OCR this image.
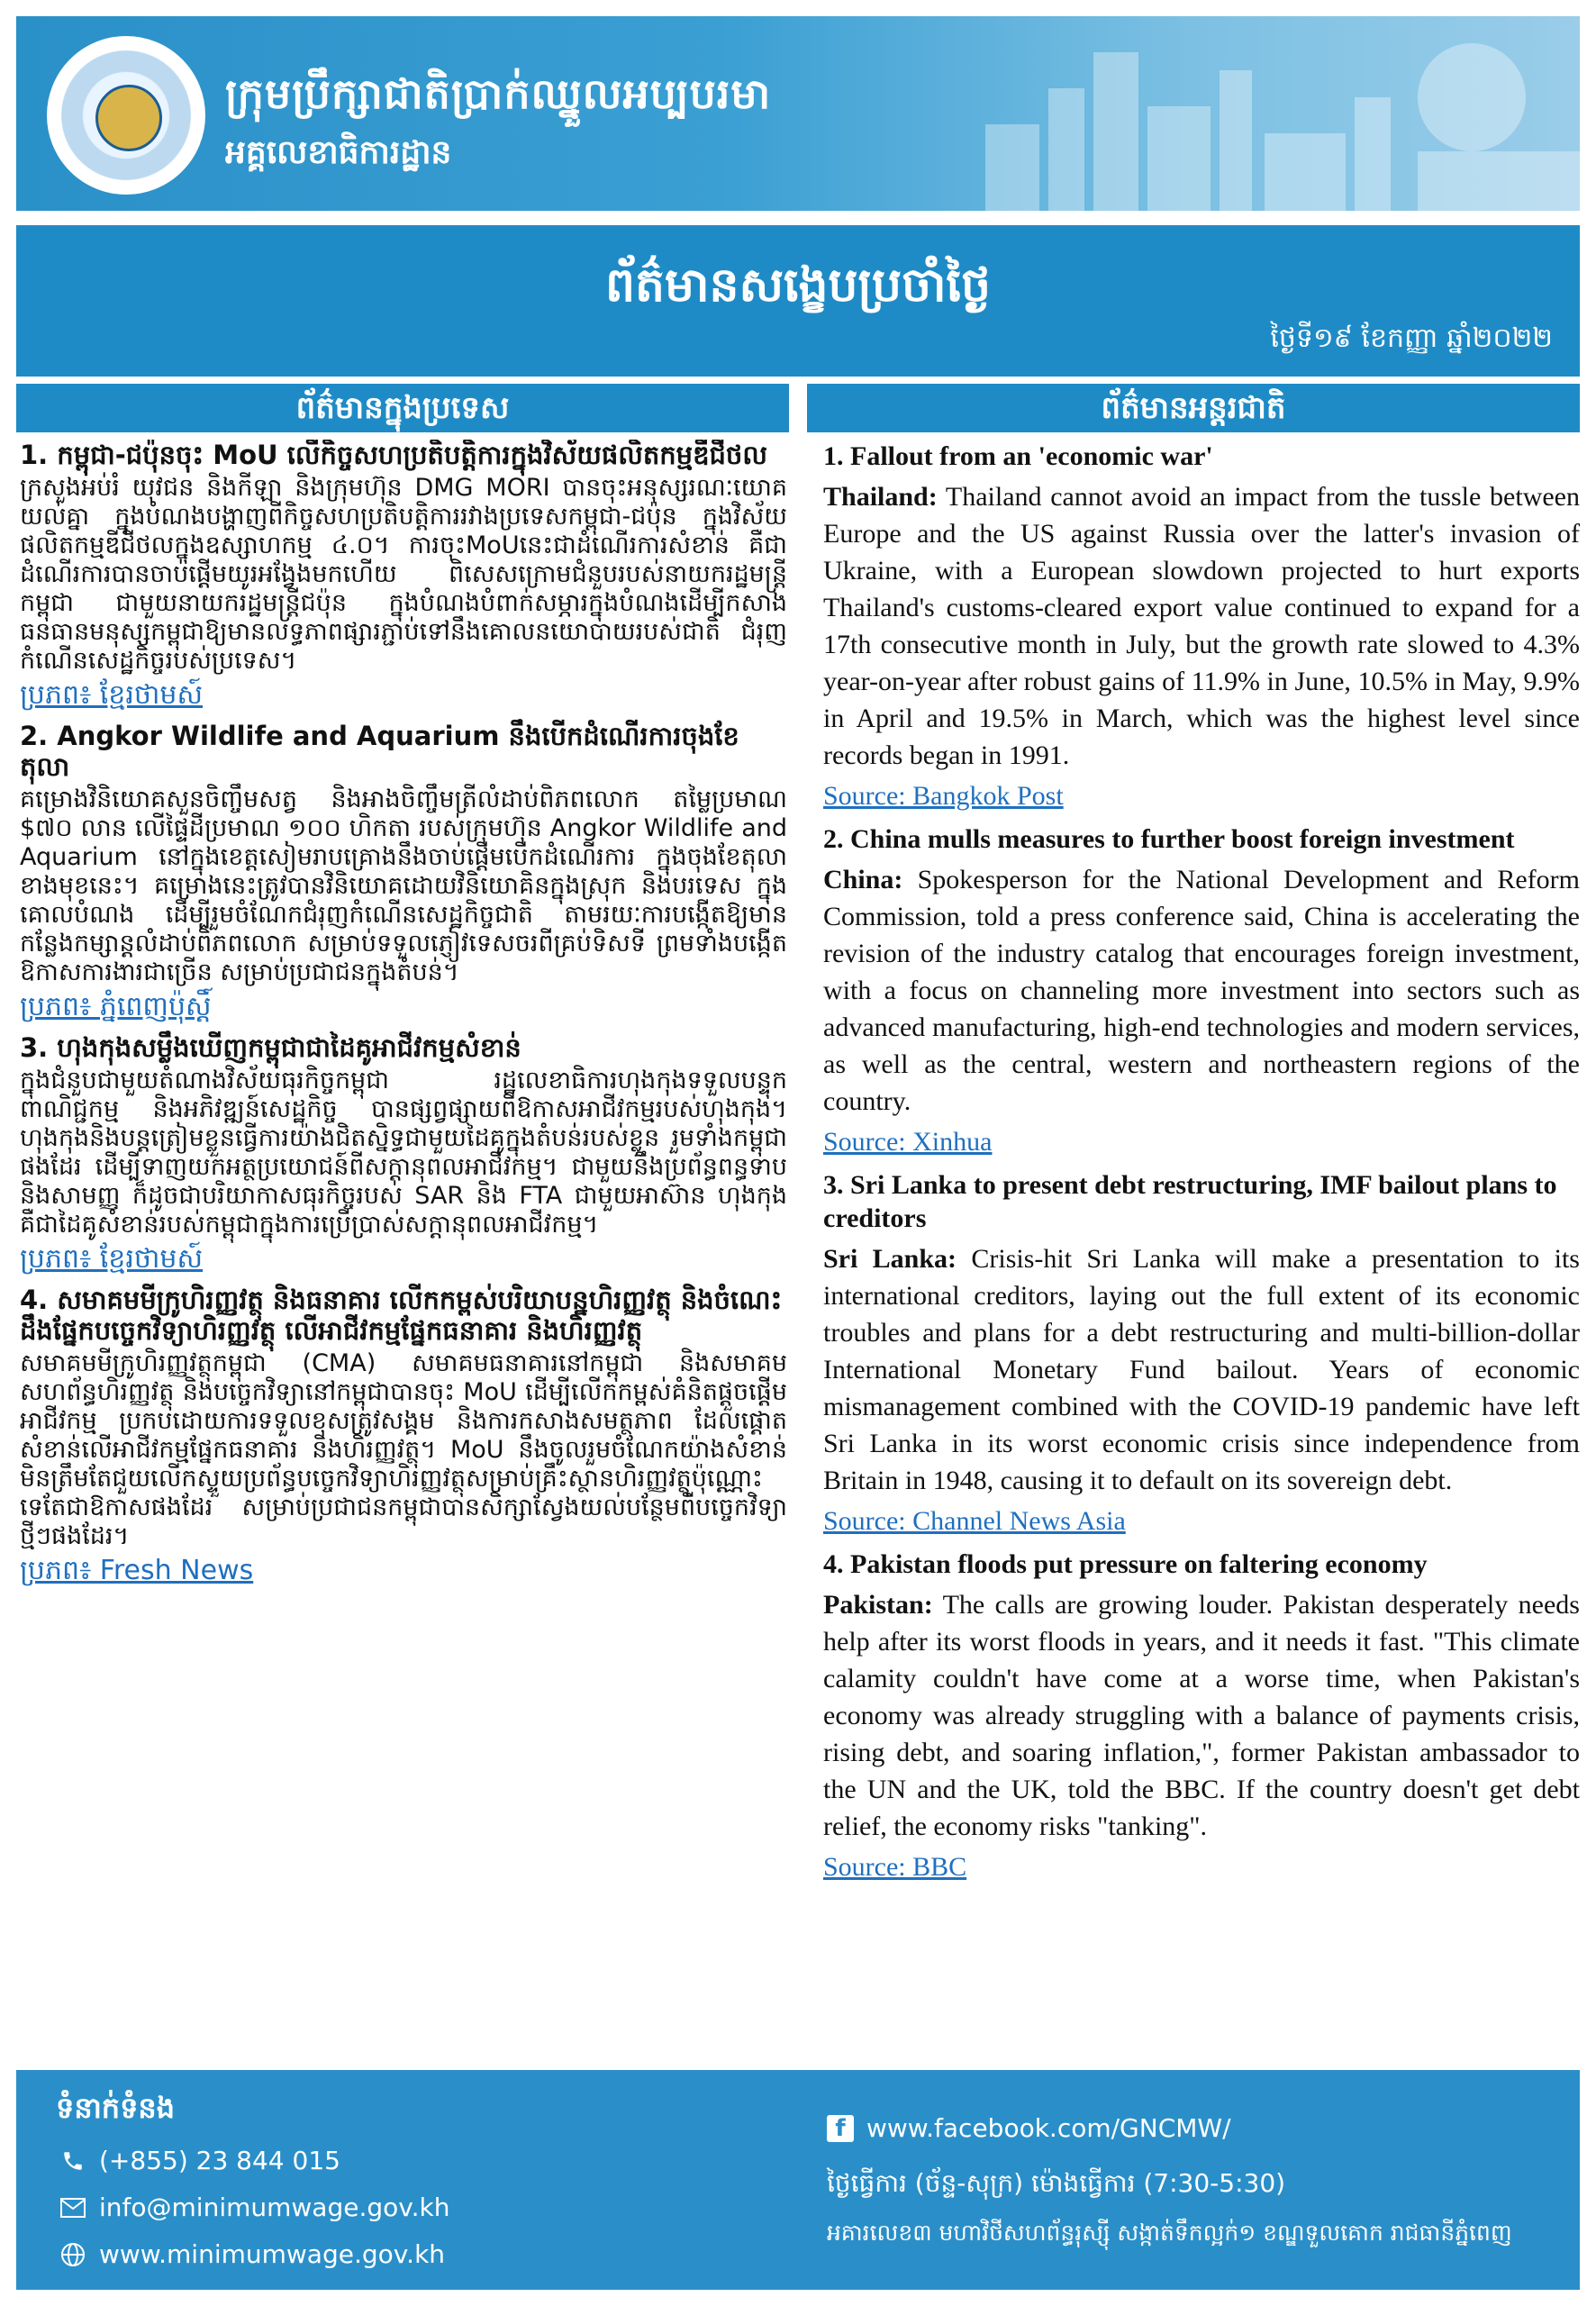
ក្រុមប្រឹក្សាជាតិប្រាក់ឈ្នួលអប្បបរមា
អគ្គលេខាធិការដ្ឋាន
ព័ត៌មានសង្ខេបប្រចាំថ្ងៃ
ថ្ងៃទី១៩ ខែកញ្ញា ឆ្នាំ២០២២
ព័ត៌មានក្នុងប្រទេស	ព័ត៌មានអន្តរជាតិ
1. កម្ពុជា-ជប៉ុនចុះ MoU លើកិច្ចសហប្រតិបត្តិការក្នុងវិស័យផលិតកម្មឌីជីថល
ក្រសួងអប់រំ យុវជន និងកីឡា និងក្រុមហ៊ុន DMG MORI បានចុះអនុស្សរណៈយោគយល់គ្នា ក្នុងបំណងបង្ហាញពីកិច្ចសហប្រតិបត្តិការរវាងប្រទេសកម្ពុជា-ជប៉ុន ក្នុងវិស័យផលិតកម្មឌីជីថលក្នុងឧស្សាហកម្ម ៤.០។ ការចុះMoUនេះជាដំណើរការសំខាន់ គឺជាដំណើរការបានចាប់ផ្តើមយូរអង្វែងមកហើយ ពិសេសក្រោមជំនួបរបស់នាយករដ្ឋមន្ត្រីកម្ពុជា ជាមួយនាយករដ្ឋមន្ត្រីជប៉ុន ក្នុងបំណងបំពាក់សម្ភារក្នុងបំណងដើម្បីកសាងធនធានមនុស្សកម្ពុជាឱ្យមានលទ្ធភាពផ្សារភ្ជាប់ទៅនឹងគោលនយោបាយរបស់ជាតិ ជំរុញកំណើនសេដ្ឋកិច្ចរបស់ប្រទេស។
ប្រភព៖ ខ្មែរថាមស៍
2. Angkor Wildlife and Aquarium នឹងបើកដំណើរការចុងខែតុលា
គម្រោងវិនិយោគសួនចិញ្ចឹមសត្វ និងអាងចិញ្ចឹមត្រីលំដាប់ពិភពលោក តម្លៃប្រមាណ $៧០ លាន លើផ្ទៃដីប្រមាណ ១០០ ហិកតា របស់ក្រុមហ៊ុន Angkor Wildlife and Aquarium នៅក្នុងខេត្តសៀមរាបគ្រោងនឹងចាប់ផ្តើមបើកដំណើរការ ក្នុងចុងខែតុលាខាងមុខនេះ។ គម្រោងនេះត្រូវបានវិនិយោគដោយវិនិយោគិនក្នុងស្រុក និងបរទេស ក្នុងគោលបំណង ដើម្បីរួមចំណែកជំរុញកំណើនសេដ្ឋកិច្ចជាតិ តាមរយៈការបង្កើតឱ្យមានកន្លែងកម្សាន្តលំដាប់ពិភពលោក សម្រាប់ទទួលភ្ញៀវទេសចរពីគ្រប់ទិសទី ព្រមទាំងបង្កើតឱកាសការងារជាច្រើន សម្រាប់ប្រជាជនក្នុងតំបន់។
ប្រភព៖ ភ្នំពេញប៉ុស្តិ៍
3. ហុងកុងសម្លឹងឃើញកម្ពុជាជាដៃគូអាជីវកម្មសំខាន់
ក្នុងជំនួបជាមួយតំណាងវិស័យធុរកិច្ចកម្ពុជា រដ្ឋលេខាធិការហុងកុងទទួលបន្ទុកពាណិជ្ជកម្ម និងអភិវឌ្ឍន៍សេដ្ឋកិច្ច បានផ្សព្វផ្សាយពីឱកាសអាជីវកម្មរបស់ហុងកុង។ ហុងកុងនិងបន្តត្រៀមខ្លួនធ្វើការយ៉ាងជិតស្និទ្ធជាមួយដៃគូក្នុងតំបន់របស់ខ្លួន រួមទាំងកម្ពុជាផងដែរ ដើម្បីទាញយកអត្ថប្រយោជន៍ពីសក្តានុពលអាជីវកម្ម។ ជាមួយនឹងប្រព័ន្ធពន្ធទាប និងសាមញ្ញ ក៏ដូចជាបរិយាកាសធុរកិច្ចរបស់ SAR និង FTA ជាមួយអាស៊ាន ហុងកុងគឺជាដៃគូសំខាន់របស់កម្ពុជាក្នុងការប្រើប្រាស់សក្តានុពលអាជីវកម្ម។
ប្រភព៖ ខ្មែរថាមស៍
4. សមាគមមីក្រូហិរញ្ញវត្ថុ និងធនាគារ លើកកម្ពស់បរិយាបន្នហិរញ្ញវត្ថុ និងចំណេះដឹងផ្នែកបច្ចេកវិទ្យាហិរញ្ញវត្ថុ លើអាជីវកម្មផ្នែកធនាគារ និងហិរញ្ញវត្ថុ
សមាគមមីក្រូហិរញ្ញវត្ថុកម្ពុជា (CMA) សមាគមធនាគារនៅកម្ពុជា និងសមាគមសហព័ន្ធហិរញ្ញវត្ថុ និងបច្ចេកវិទ្យានៅកម្ពុជាបានចុះ MoU ដើម្បីលើកកម្ពស់គំនិតផ្តួចផ្តើមអាជីវកម្ម ប្រកបដោយការទទួលខុសត្រូវសង្គម និងការកសាងសមត្ថភាព ដែលផ្តោតសំខាន់លើអាជីវកម្មផ្នែកធនាគារ និងហិរញ្ញវត្ថុ។ MoU នឹងចូលរួមចំណែកយ៉ាងសំខាន់ មិនត្រឹមតែជួយលើកស្ទួយប្រព័ន្ធបច្ចេកវិទ្យាហិរញ្ញវត្ថុសម្រាប់គ្រឹះស្ថានហិរញ្ញវត្ថុប៉ុណ្ណោះទេតែជាឱកាសផងដែរ សម្រាប់ប្រជាជនកម្ពុជាបានសិក្សាស្វែងយល់បន្ថែមពីបច្ចេកវិទ្យាថ្មីៗផងដែរ។
ប្រភព៖ Fresh News
1. Fallout from an 'economic war'
Thailand: Thailand cannot avoid an impact from the tussle between Europe and the US against Russia over the latter's invasion of Ukraine, with a European slowdown projected to hurt exports Thailand's customs-cleared export value continued to expand for a 17th consecutive month in July, but the growth rate slowed to 4.3% year-on-year after robust gains of 11.9% in June, 10.5% in May, 9.9% in April and 19.5% in March, which was the highest level since records began in 1991.
Source: Bangkok Post
2. China mulls measures to further boost foreign investment
China: Spokesperson for the National Development and Reform Commission, told a press conference said, China is accelerating the revision of the industry catalog that encourages foreign investment, with a focus on channeling more investment into sectors such as advanced manufacturing, high-end technologies and modern services, as well as the central, western and northeastern regions of the country.
Source: Xinhua
3. Sri Lanka to present debt restructuring, IMF bailout plans to creditors
Sri Lanka: Crisis-hit Sri Lanka will make a presentation to its international creditors, laying out the full extent of its economic troubles and plans for a debt restructuring and multi-billion-dollar International Monetary Fund bailout. Years of economic mismanagement combined with the COVID-19 pandemic have left Sri Lanka in its worst economic crisis since independence from Britain in 1948, causing it to default on its sovereign debt.
Source: Channel News Asia
4. Pakistan floods put pressure on faltering economy
Pakistan: The calls are growing louder. Pakistan desperately needs help after its worst floods in years, and it needs it fast. "This climate calamity couldn't have come at a worse time, when Pakistan's economy was already struggling with a balance of payments crisis, rising debt, and soaring inflation,", former Pakistan ambassador to the UN and the UK, told the BBC. If the country doesn't get debt relief, the economy risks "tanking".
Source: BBC
ទំនាក់ទំនង
(+855) 23 844 015
info@minimumwage.gov.kh
www.minimumwage.gov.kh
f www.facebook.com/GNCMW/
ថ្ងៃធ្វើការ (ច័ន្ទ-សុក្រ) ម៉ោងធ្វើការ (7:30-5:30)
អគារលេខ៣ មហាវិថីសហព័ន្ធរុស្ស៊ី សង្កាត់ទឹកល្អក់១ ខណ្ឌទួលគោក រាជធានីភ្នំពេញ
